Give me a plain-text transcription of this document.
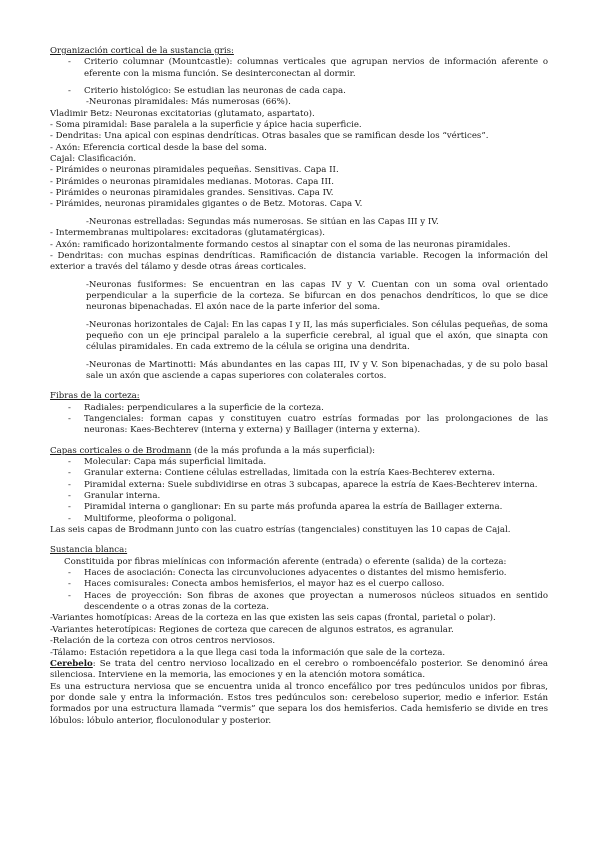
Organización cortical de la sustancia gris:
-	Criterio columnar (Mountcastle): columnas verticales que agrupan nervios de información aferente o eferente con la misma función. Se desinterconectan al dormir.
-	Criterio histológico: Se estudian las neuronas de cada capa.
-Neuronas piramidales: Más numerosas (66%).
Vladimir Betz: Neuronas excitatorias (glutamato, aspartato).
- Soma piramidal: Base paralela a la superficie y ápice hacia superficie.
- Dendritas: Una apical con espinas dendríticas. Otras basales que se ramifican desde los “vértices”.
- Axón: Eferencia cortical desde la base del soma.
Cajal: Clasificación.
- Pirámides o neuronas piramidales pequeñas. Sensitivas. Capa II.
- Pirámides o neuronas piramidales medianas. Motoras. Capa III.
- Pirámides o neuronas piramidales grandes. Sensitivas. Capa IV.
- Pirámides, neuronas piramidales gigantes o de Betz. Motoras. Capa V.
-Neuronas estrelladas: Segundas más numerosas. Se sitúan en las Capas III y IV.
- Intermembranas multipolares: excitadoras (glutamatérgicas).
- Axón: ramificado horizontalmente formando cestos al sinaptar con el soma de las neuronas piramidales.
- Dendritas: con muchas espinas dendríticas. Ramificación de distancia variable. Recogen la información del exterior a través del tálamo y desde otras áreas corticales.
-Neuronas fusiformes: Se encuentran en las capas IV y V. Cuentan con un soma oval orientado perpendicular a la superficie de la corteza. Se bifurcan en dos penachos dendríticos, lo que se dice neuronas bipenachadas. El axón nace de la parte inferior del soma.
-Neuronas horizontales de Cajal: En las capas I y II, las más superficiales. Son células pequeñas, de soma pequeño con un eje principal paralelo a la superficie cerebral, al igual que el axón, que sinapta con células piramidales. En cada extremo de la célula se origina una dendrita.
-Neuronas de Martinotti: Más abundantes en las capas III, IV y V. Son bipenachadas, y de su polo basal sale un axón que asciende a capas superiores con colaterales cortos.
Fibras de la corteza:
-	Radiales: perpendiculares a la superficie de la corteza.
-	Tangenciales: forman capas y constituyen cuatro estrías formadas por las prolongaciones de las neuronas: Kaes-Bechterev (interna y externa) y Baillager (interna y externa).
Capas corticales o de Brodmann (de la más profunda a la más superficial):
-	Molecular: Capa más superficial limitada.
-	Granular externa: Contiene células estrelladas, limitada con la estría Kaes-Bechterev externa.
-	Piramidal externa: Suele subdividirse en otras 3 subcapas, aparece la estría de Kaes-Bechterev interna.
-	Granular interna.
-	Piramidal interna o ganglionar: En su parte más profunda aparea la estría de Baillager externa.
-	Multiforme, pleoforma o poligonal.
Las seis capas de Brodmann junto con las cuatro estrías (tangenciales) constituyen las 10 capas de Cajal.
Sustancia blanca:
Constituida por fibras mielínicas con información aferente (entrada) o eferente (salida) de la corteza:
-	Haces de asociación: Conecta las circunvoluciones adyacentes o distantes del mismo hemisferio.
-	Haces comisurales: Conecta ambos hemisferios, el mayor haz es el cuerpo calloso.
-	Haces de proyección: Son fibras de axones que proyectan a numerosos núcleos situados en sentido descendente o a otras zonas de la corteza.
-Variantes homotípicas: Áreas de la corteza en las que existen las seis capas (frontal, parietal o polar).
-Variantes heterotípicas: Regiones de corteza que carecen de algunos estratos, es agranular.
-Relación de la corteza con otros centros nerviosos.
-Tálamo: Estación repetidora a la que llega casi toda la información que sale de la corteza.
Cerebelo: Se trata del centro nervioso localizado en el cerebro o romboencéfalo posterior. Se denominó área silenciosa. Interviene en la memoria, las emociones y en la atención motora somática.
Es una estructura nerviosa que se encuentra unida al tronco encefálico por tres pedúnculos unidos por fibras, por donde sale y entra la información. Estos tres pedúnculos son: cerebeloso superior, medio e inferior. Están formados por una estructura llamada “vermis” que separa los dos hemisferios. Cada hemisferio se divide en tres lóbulos: lóbulo anterior, floculonodular y posterior.
